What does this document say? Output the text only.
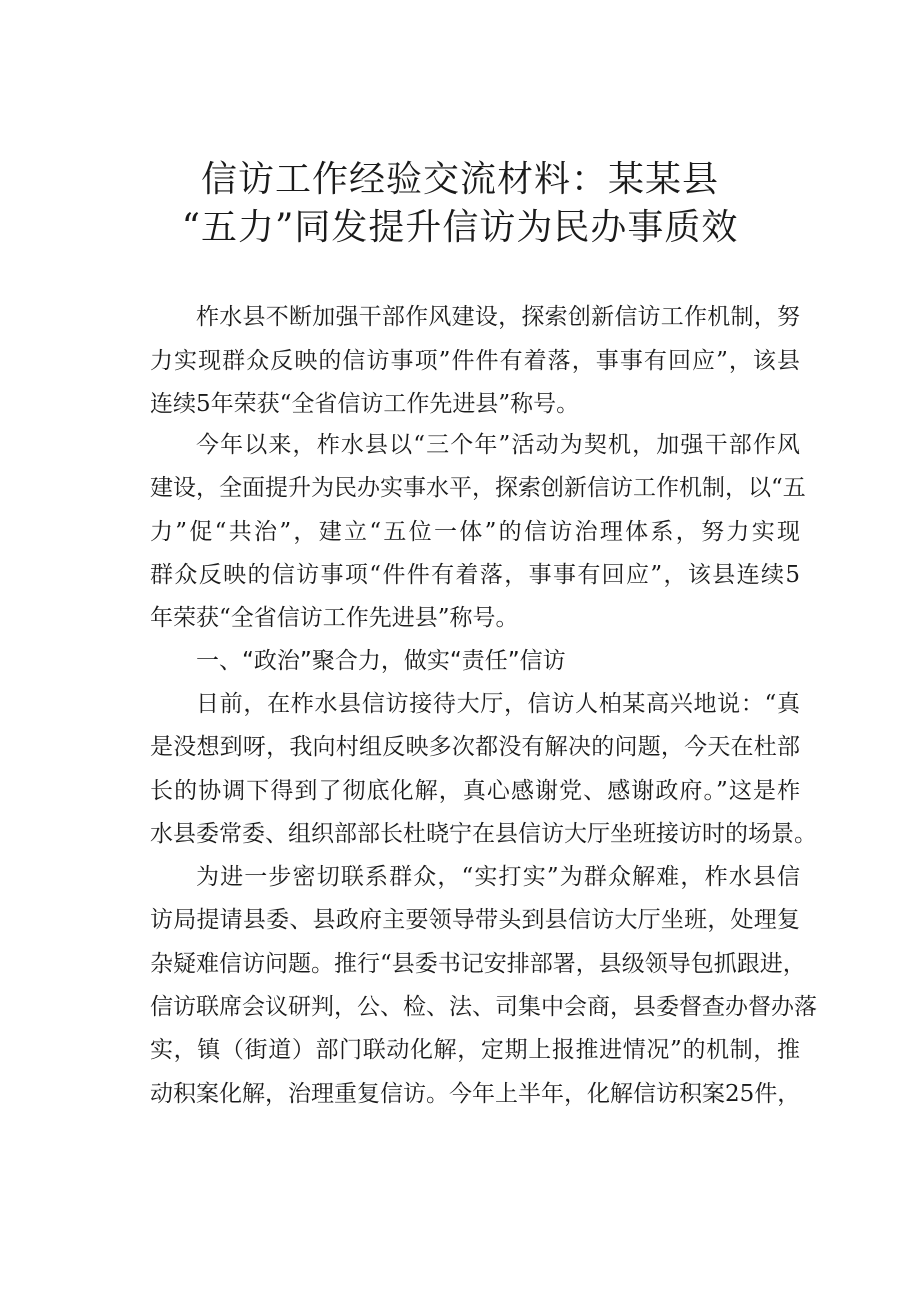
信访工作经验交流材料：某某县
“五力”同发提升信访为民办事质效
柞水县不断加强干部作风建设，探索创新信访工作机制，努
力实现群众反映的信访事项”件件有着落，事事有回应”，该县
连续5年荣获“全省信访工作先进县”称号。
今年以来，柞水县以“三个年”活动为契机，加强干部作风
建设，全面提升为民办实事水平，探索创新信访工作机制，以“五
力”促“共治”，建立“五位一体”的信访治理体系，努力实现
群众反映的信访事项“件件有着落，事事有回应”，该县连续5
年荣获“全省信访工作先进县”称号。
一、“政治”聚合力，做实“责任”信访
日前，在柞水县信访接待大厅，信访人柏某高兴地说：“真
是没想到呀，我向村组反映多次都没有解决的问题，今天在杜部
长的协调下得到了彻底化解，真心感谢党、感谢政府。”这是柞
水县委常委、组织部部长杜晓宁在县信访大厅坐班接访时的场景。
为进一步密切联系群众，“实打实”为群众解难，柞水县信
访局提请县委、县政府主要领导带头到县信访大厅坐班，处理复
杂疑难信访问题。推行“县委书记安排部署，县级领导包抓跟进，
信访联席会议研判，公、检、法、司集中会商，县委督查办督办落
实，镇（街道）部门联动化解，定期上报推进情况”的机制，推
动积案化解，治理重复信访。今年上半年，化解信访积案25件，
